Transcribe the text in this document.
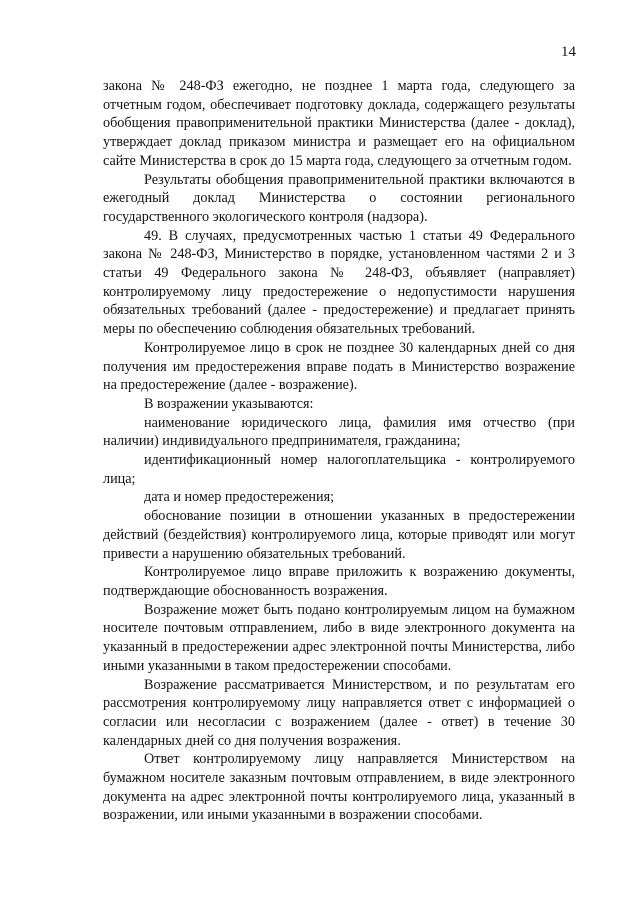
14

закона № 248-ФЗ ежегодно, не позднее 1 марта года, следующего за отчетным годом, обеспечивает подготовку доклада, содержащего результаты обобщения правоприменительной практики Министерства (далее - доклад), утверждает доклад приказом министра и размещает его на официальном сайте Министерства в срок до 15 марта года, следующего за отчетным годом.

Результаты обобщения правоприменительной практики включаются в ежегодный доклад Министерства о состоянии регионального государственного экологического контроля (надзора).

49. В случаях, предусмотренных частью 1 статьи 49 Федерального закона № 248-ФЗ, Министерство в порядке, установленном частями 2 и 3 статьи 49 Федерального закона № 248-ФЗ, объявляет (направляет) контролируемому лицу предостережение о недопустимости нарушения обязательных требований (далее - предостережение) и предлагает принять меры по обеспечению соблюдения обязательных требований.

Контролируемое лицо в срок не позднее 30 календарных дней со дня получения им предостережения вправе подать в Министерство возражение на предостережение (далее - возражение).

В возражении указываются:

наименование юридического лица, фамилия имя отчество (при наличии) индивидуального предпринимателя, гражданина;

идентификационный номер налогоплательщика - контролируемого лица;

дата и номер предостережения;

обоснование позиции в отношении указанных в предостережении действий (бездействия) контролируемого лица, которые приводят или могут привести а нарушению обязательных требований.

Контролируемое лицо вправе приложить к возражению документы, подтверждающие обоснованность возражения.

Возражение может быть подано контролируемым лицом на бумажном носителе почтовым отправлением, либо в виде электронного документа на указанный в предостережении адрес электронной почты Министерства, либо иными указанными в таком предостережении способами.

Возражение рассматривается Министерством, и по результатам его рассмотрения контролируемому лицу направляется ответ с информацией о согласии или несогласии с возражением (далее - ответ) в течение 30 календарных дней со дня получения возражения.

Ответ контролируемому лицу направляется Министерством на бумажном носителе заказным почтовым отправлением, в виде электронного документа на адрес электронной почты контролируемого лица, указанный в возражении, или иными указанными в возражении способами.
